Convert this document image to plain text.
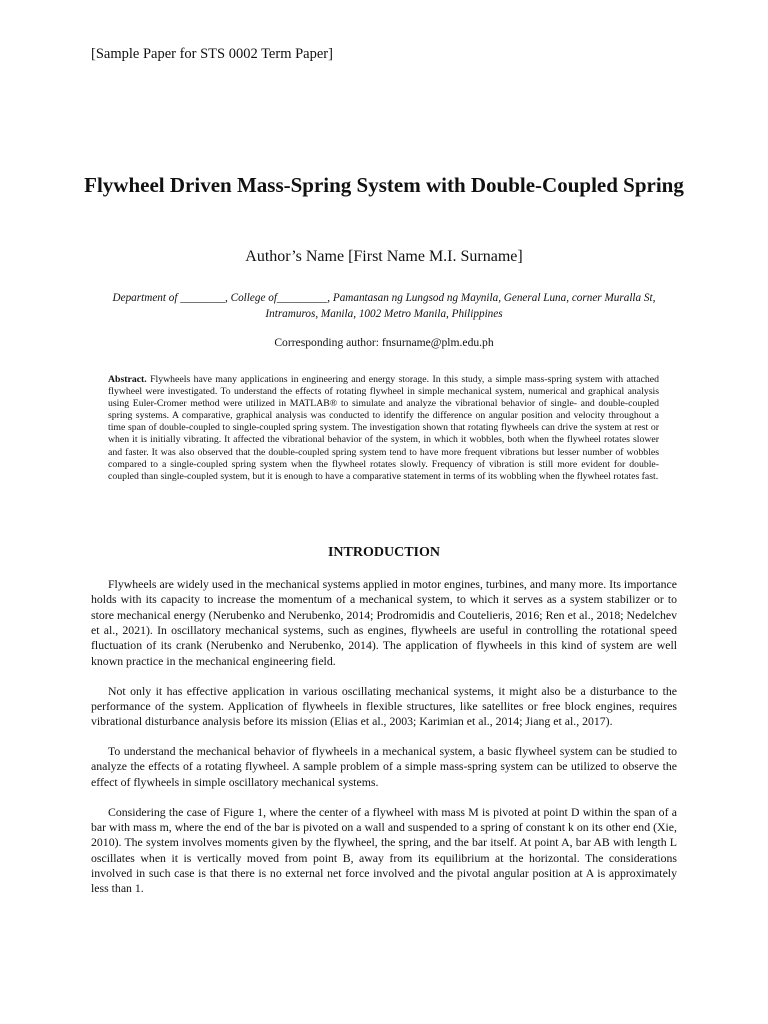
[Sample Paper for STS 0002 Term Paper]
Flywheel Driven Mass-Spring System with Double-Coupled Spring
Author’s Name [First Name M.I. Surname]
Department of ________, College of_________, Pamantasan ng Lungsod ng Maynila, General Luna, corner Muralla St, Intramuros, Manila, 1002 Metro Manila, Philippines
Corresponding author: fnsurname@plm.edu.ph
Abstract. Flywheels have many applications in engineering and energy storage. In this study, a simple mass-spring system with attached flywheel were investigated. To understand the effects of rotating flywheel in simple mechanical system, numerical and graphical analysis using Euler-Cromer method were utilized in MATLAB® to simulate and analyze the vibrational behavior of single- and double-coupled spring systems. A comparative, graphical analysis was conducted to identify the difference on angular position and velocity throughout a time span of double-coupled to single-coupled spring system. The investigation shown that rotating flywheels can drive the system at rest or when it is initially vibrating. It affected the vibrational behavior of the system, in which it wobbles, both when the flywheel rotates slower and faster. It was also observed that the double-coupled spring system tend to have more frequent vibrations but lesser number of wobbles compared to a single-coupled spring system when the flywheel rotates slowly. Frequency of vibration is still more evident for double-coupled than single-coupled system, but it is enough to have a comparative statement in terms of its wobbling when the flywheel rotates fast.
INTRODUCTION

Flywheels are widely used in the mechanical systems applied in motor engines, turbines, and many more. Its importance holds with its capacity to increase the momentum of a mechanical system, to which it serves as a system stabilizer or to store mechanical energy (Nerubenko and Nerubenko, 2014; Prodromidis and Coutelieris, 2016; Ren et al., 2018; Nedelchev et al., 2021). In oscillatory mechanical systems, such as engines, flywheels are useful in controlling the rotational speed fluctuation of its crank (Nerubenko and Nerubenko, 2014). The application of flywheels in this kind of system are well known practice in the mechanical engineering field.

Not only it has effective application in various oscillating mechanical systems, it might also be a disturbance to the performance of the system. Application of flywheels in flexible structures, like satellites or free block engines, requires vibrational disturbance analysis before its mission (Elias et al., 2003; Karimian et al., 2014; Jiang et al., 2017).

To understand the mechanical behavior of flywheels in a mechanical system, a basic flywheel system can be studied to analyze the effects of a rotating flywheel. A sample problem of a simple mass-spring system can be utilized to observe the effect of flywheels in simple oscillatory mechanical systems.

Considering the case of Figure 1, where the center of a flywheel with mass M is pivoted at point D within the span of a bar with mass m, where the end of the bar is pivoted on a wall and suspended to a spring of constant k on its other end (Xie, 2010). The system involves moments given by the flywheel, the spring, and the bar itself. At point A, bar AB with length L oscillates when it is vertically moved from point B, away from its equilibrium at the horizontal. The considerations involved in such case is that there is no external net force involved and the pivotal angular position at A is approximately less than 1.
